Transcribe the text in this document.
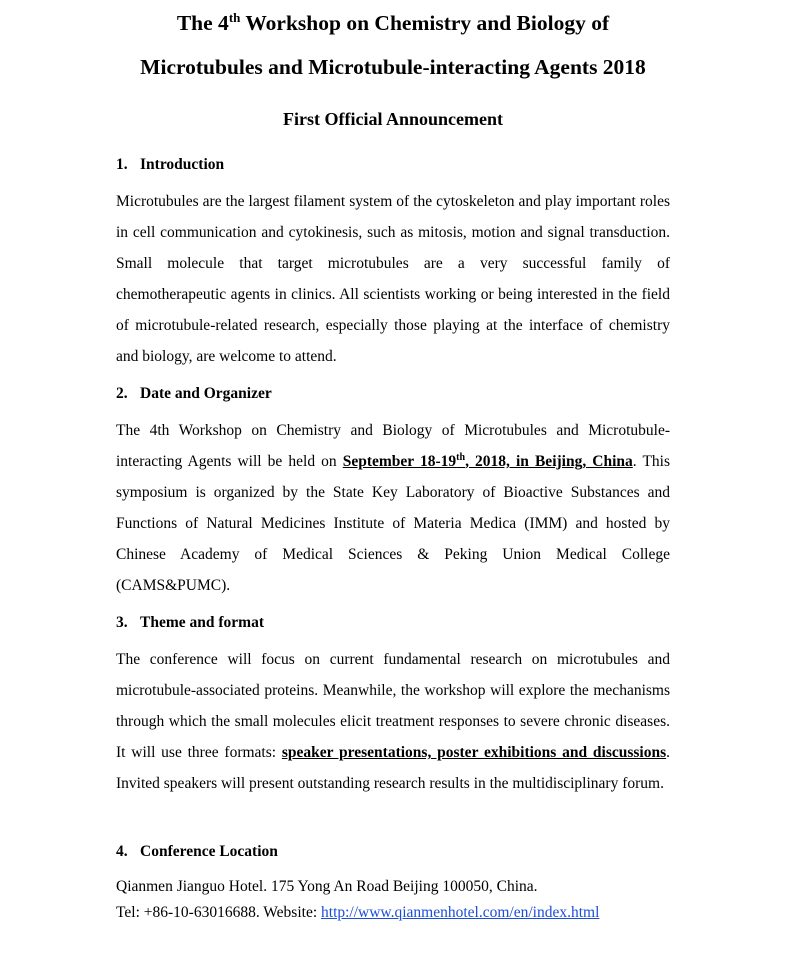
The 4th Workshop on Chemistry and Biology of
Microtubules and Microtubule-interacting Agents 2018
First Official Announcement
1. Introduction
Microtubules are the largest filament system of the cytoskeleton and play important roles in cell communication and cytokinesis, such as mitosis, motion and signal transduction. Small molecule that target microtubules are a very successful family of chemotherapeutic agents in clinics. All scientists working or being interested in the field of microtubule-related research, especially those playing at the interface of chemistry and biology, are welcome to attend.
2. Date and Organizer
The 4th Workshop on Chemistry and Biology of Microtubules and Microtubule-interacting Agents will be held on September 18-19th, 2018, in Beijing, China. This symposium is organized by the State Key Laboratory of Bioactive Substances and Functions of Natural Medicines Institute of Materia Medica (IMM) and hosted by Chinese Academy of Medical Sciences & Peking Union Medical College (CAMS&PUMC).
3. Theme and format
The conference will focus on current fundamental research on microtubules and microtubule-associated proteins. Meanwhile, the workshop will explore the mechanisms through which the small molecules elicit treatment responses to severe chronic diseases. It will use three formats: speaker presentations, poster exhibitions and discussions. Invited speakers will present outstanding research results in the multidisciplinary forum.
4. Conference Location
Qianmen Jianguo Hotel. 175 Yong An Road Beijing 100050, China.
Tel: +86-10-63016688. Website: http://www.qianmenhotel.com/en/index.html
